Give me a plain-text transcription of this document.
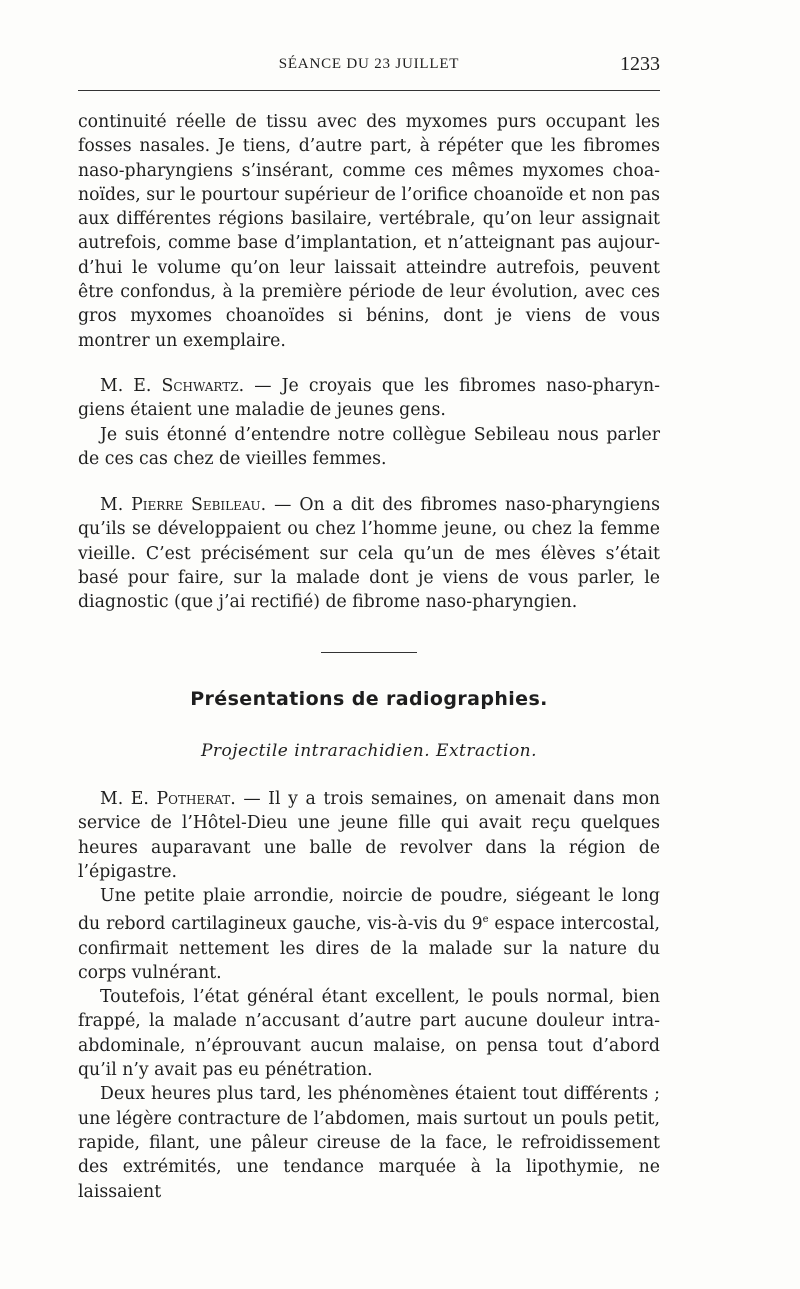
SÉANCE DU 23 JUILLET	1233

continuité réelle de tissu avec des myxomes purs occupant les fosses nasales. Je tiens, d’autre part, à répéter que les fibromes naso-pharyngiens s’insérant, comme ces mêmes myxomes choa-noïdes, sur le pourtour supérieur de l’orifice choanoïde et non pas aux différentes régions basilaire, vertébrale, qu’on leur assignait autrefois, comme base d’implantation, et n’atteignant pas aujour-d’hui le volume qu’on leur laissait atteindre autrefois, peuvent être confondus, à la première période de leur évolution, avec ces gros myxomes choanoïdes si bénins, dont je viens de vous montrer un exemplaire.

M. E. Schwartz. — Je croyais que les fibromes naso-pharyn-giens étaient une maladie de jeunes gens.

Je suis étonné d’entendre notre collègue Sebileau nous parler de ces cas chez de vieilles femmes.

M. Pierre Sebileau. — On a dit des fibromes naso-pharyngiens qu’ils se développaient ou chez l’homme jeune, ou chez la femme vieille. C’est précisément sur cela qu’un de mes élèves s’était basé pour faire, sur la malade dont je viens de vous parler, le diagnostic (que j’ai rectifié) de fibrome naso-pharyngien.

Présentations de radiographies.
Projectile intrarachidien. Extraction.

M. E. Potherat. — Il y a trois semaines, on amenait dans mon service de l’Hôtel-Dieu une jeune fille qui avait reçu quelques heures auparavant une balle de revolver dans la région de l’épigastre.

Une petite plaie arrondie, noircie de poudre, siégeant le long du rebord cartilagineux gauche, vis-à-vis du 9e espace intercostal, confirmait nettement les dires de la malade sur la nature du corps vulnérant.

Toutefois, l’état général étant excellent, le pouls normal, bien frappé, la malade n’accusant d’autre part aucune douleur intra-abdominale, n’éprouvant aucun malaise, on pensa tout d’abord qu’il n’y avait pas eu pénétration.

Deux heures plus tard, les phénomènes étaient tout différents ; une légère contracture de l’abdomen, mais surtout un pouls petit, rapide, filant, une pâleur cireuse de la face, le refroidissement des extrémités, une tendance marquée à la lipothymie, ne laissaient
